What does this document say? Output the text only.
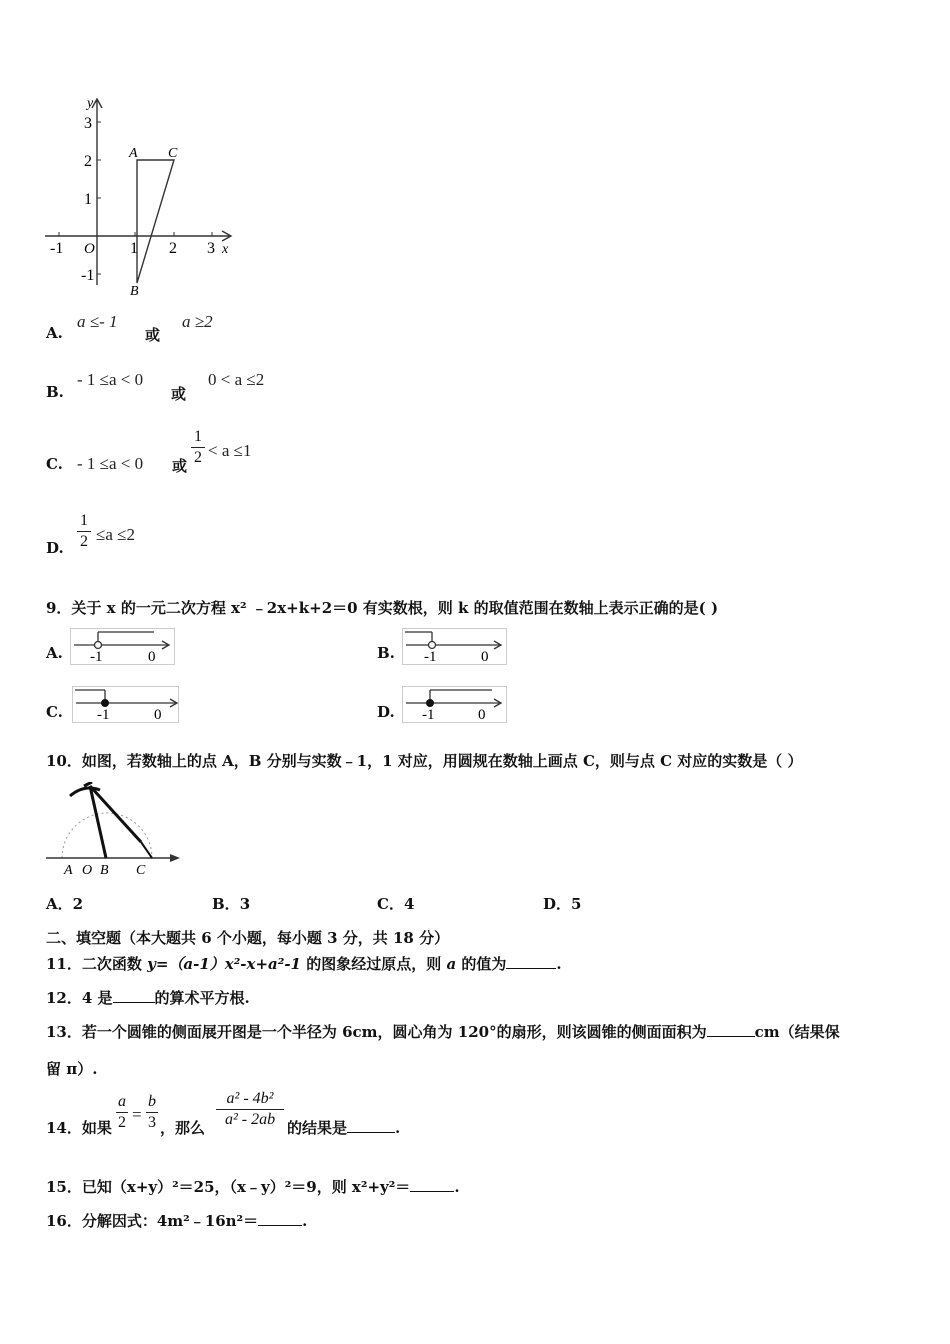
y
x
3
2
1
-1
-1 O 1 2 3
A C
B
A.
a ≤- 1
或
a ≥2
B.
- 1 ≤a < 0
或
0 < a ≤2
C. - 1 ≤a < 0 或
1
2 < a ≤1
D.
1
2 ≤a ≤2
9．关于 x 的一元二次方程 x² ﹣2x+k+2＝0 有实数根，则 k 的取值范围在数轴上表示正确的是( )
A. -1	0	B. -1	0
C. -1	0	D. -1	0
10．如图，若数轴上的点 A，B 分别与实数﹣1，1 对应，用圆规在数轴上画点 C，则与点 C 对应的实数是（ ）
A O B C
A．2	B．3	C．4	D．5
二、填空题（本大题共 6 个小题，每小题 3 分，共 18 分）
11．二次函数 y=（a-1）x²-x+a²-1 的图象经过原点，则 a 的值为	.
12．4 是	的算术平方根.
13．若一个圆锥的侧面展开图是一个半径为 6cm，圆心角为 120°的扇形，则该圆锥的侧面面积为	cm（结果保
留 π）.
14．如果
a
2 =
b
3 ，那么
a² - 4b²
a² - 2ab 的结果是	.
15．已知（x+y）²＝25，（x﹣y）²＝9，则 x²+y²＝	.
16．分解因式：4m²﹣16n²＝	.
